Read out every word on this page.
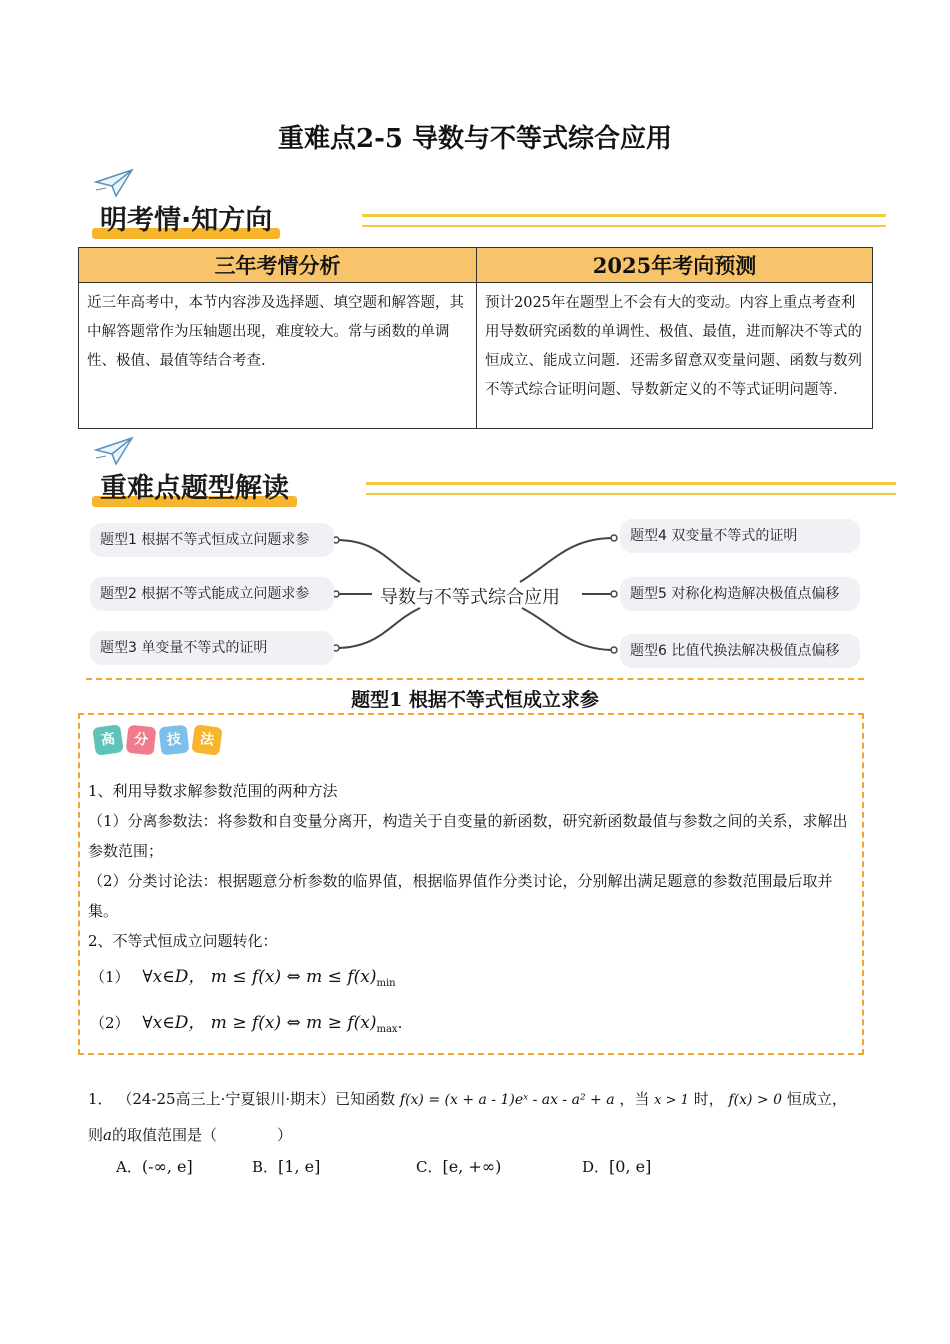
重难点2-5 导数与不等式综合应用
明考情·知方向
三年考情分析	2025年考向预测
近三年高考中，本节内容涉及选择题、填空题和解答题，其中解答题常作为压轴题出现，难度较大。常与函数的单调性、极值、最值等结合考查.	预计2025年在题型上不会有大的变动。内容上重点考查利用导数研究函数的单调性、极值、最值，进而解决不等式的恒成立、能成立问题．还需多留意双变量问题、函数与数列不等式综合证明问题、导数新定义的不等式证明问题等.
重难点题型解读
题型1 根据不等式恒成立问题求参
题型2 根据不等式能成立问题求参
题型3 单变量不等式的证明
导数与不等式综合应用
题型4 双变量不等式的证明
题型5 对称化构造解决极值点偏移
题型6 比值代换法解决极值点偏移
题型1 根据不等式恒成立求参
高 分 技 法
1、利用导数求解参数范围的两种方法
（1）分离参数法：将参数和自变量分离开，构造关于自变量的新函数，研究新函数最值与参数之间的关系，求解出参数范围；
（2）分类讨论法：根据题意分析参数的临界值，根据临界值作分类讨论，分别解出满足题意的参数范围最后取并集。
2、不等式恒成立问题转化：
（1） ∀x∈D， m ≤ f(x) ⇔ $m \le f(x)_{min}$
（2） ∀x∈D， m ≥ f(x) ⇔ $m \ge f(x)_{max}$.
1． （24-25高三上·宁夏银川·期末）已知函数 f(x) = (x + a - 1)eˣ - ax - a² + a ，当 x > 1 时， f(x) > 0 恒成立，
则a的取值范围是（　　　　）
A．(-∞, e]	B．[1, e]	C．[e, +∞)	D．[0, e]
